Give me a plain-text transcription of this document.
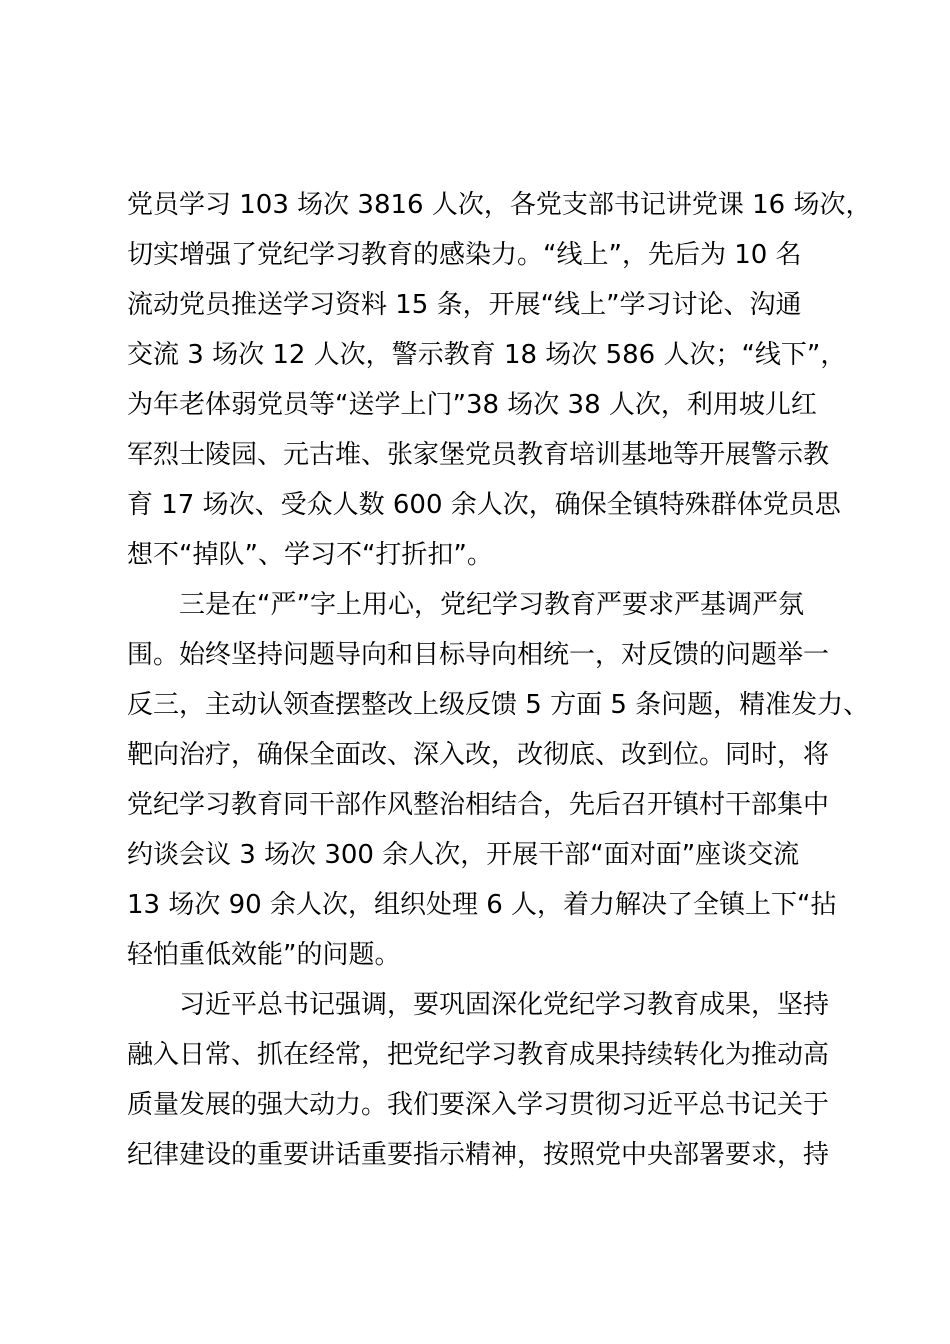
党员学习 103 场次 3816 人次，各党支部书记讲党课 16 场次，
切实增强了党纪学习教育的感染力。“线上”，先后为 10 名
流动党员推送学习资料 15 条，开展“线上”学习讨论、沟通
交流 3 场次 12 人次，警示教育 18 场次 586 人次；“线下”，
为年老体弱党员等“送学上门”38 场次 38 人次，利用坡儿红
军烈士陵园、元古堆、张家堡党员教育培训基地等开展警示教
育 17 场次、受众人数 600 余人次，确保全镇特殊群体党员思
想不“掉队”、学习不“打折扣”。
三是在“严”字上用心，党纪学习教育严要求严基调严氛
围。始终坚持问题导向和目标导向相统一，对反馈的问题举一
反三，主动认领查摆整改上级反馈 5 方面 5 条问题，精准发力、
靶向治疗，确保全面改、深入改，改彻底、改到位。同时，将
党纪学习教育同干部作风整治相结合，先后召开镇村干部集中
约谈会议 3 场次 300 余人次，开展干部“面对面”座谈交流
13 场次 90 余人次，组织处理 6 人，着力解决了全镇上下“拈
轻怕重低效能”的问题。
习近平总书记强调，要巩固深化党纪学习教育成果，坚持
融入日常、抓在经常，把党纪学习教育成果持续转化为推动高
质量发展的强大动力。我们要深入学习贯彻习近平总书记关于
纪律建设的重要讲话重要指示精神，按照党中央部署要求，持
